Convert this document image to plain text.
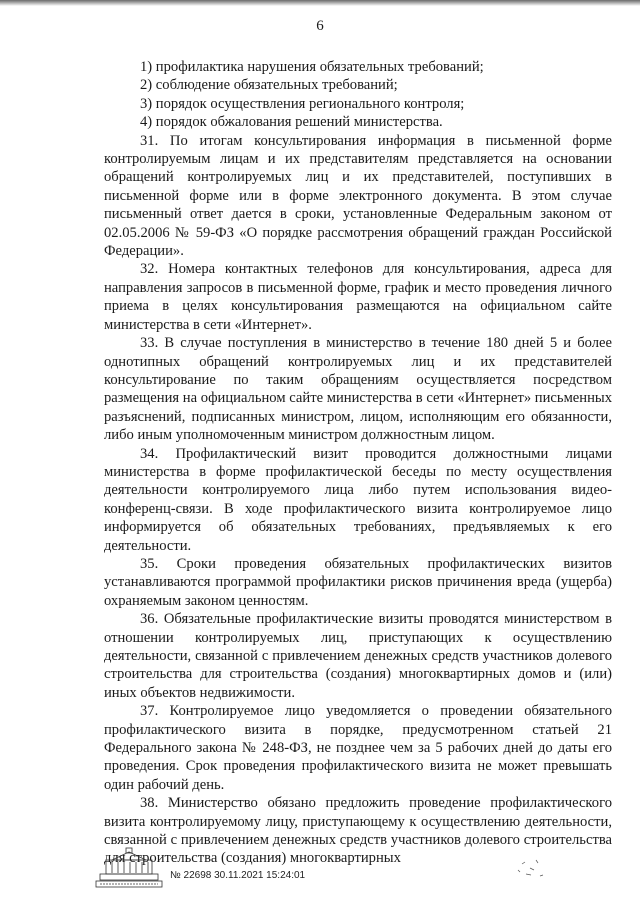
6

1) профилактика нарушения обязательных требований;

2) соблюдение обязательных требований;

3) порядок осуществления регионального контроля;

4) порядок обжалования решений министерства.

31. По итогам консультирования информация в письменной форме контролируемым лицам и их представителям представляется на основании обращений контролируемых лиц и их представителей, поступивших в письменной форме или в форме электронного документа. В этом случае письменный ответ дается в сроки, установленные Федеральным законом от 02.05.2006 № 59-ФЗ «О порядке рассмотрения обращений граждан Российской Федерации».

32. Номера контактных телефонов для консультирования, адреса для направления запросов в письменной форме, график и место проведения личного приема в целях консультирования размещаются на официальном сайте министерства в сети «Интернет».

33. В случае поступления в министерство в течение 180 дней 5 и более однотипных обращений контролируемых лиц и их представителей консультирование по таким обращениям осуществляется посредством размещения на официальном сайте министерства в сети «Интернет» письменных разъяснений, подписанных министром, лицом, исполняющим его обязанности, либо иным уполномоченным министром должностным лицом.

34. Профилактический визит проводится должностными лицами министерства в форме профилактической беседы по месту осуществления деятельности контролируемого лица либо путем использования видео-конференц-связи. В ходе профилактического визита контролируемое лицо информируется об обязательных требованиях, предъявляемых к его деятельности.

35. Сроки проведения обязательных профилактических визитов устанавливаются программой профилактики рисков причинения вреда (ущерба) охраняемым законом ценностям.

36. Обязательные профилактические визиты проводятся министерством в отношении контролируемых лиц, приступающих к осуществлению деятельности, связанной с привлечением денежных средств участников долевого строительства для строительства (создания) многоквартирных домов и (или) иных объектов недвижимости.

37. Контролируемое лицо уведомляется о проведении обязательного профилактического визита в порядке, предусмотренном статьей 21 Федерального закона № 248-ФЗ, не позднее чем за 5 рабочих дней до даты его проведения. Срок проведения профилактического визита не может превышать один рабочий день.

38. Министерство обязано предложить проведение профилактического визита контролируемому лицу, приступающему к осуществлению деятельности, связанной с привлечением денежных средств участников долевого строительства для строительства (создания) многоквартирных

№ 22698 30.11.2021 15:24:01
